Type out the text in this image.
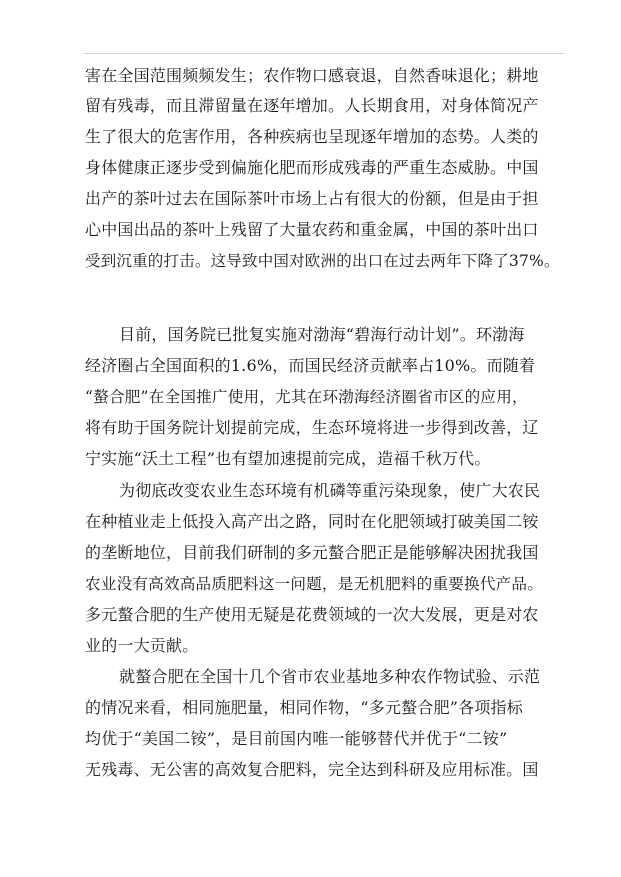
害在全国范围频频发生；农作物口感衰退，自然香味退化；耕地
留有残毒，而且滞留量在逐年增加。人长期食用，对身体简况产
生了很大的危害作用，各种疾病也呈现逐年增加的态势。人类的
身体健康正逐步受到偏施化肥而形成残毒的严重生态威胁。中国
出产的茶叶过去在国际茶叶市场上占有很大的份额，但是由于担
心中国出品的茶叶上残留了大量农药和重金属，中国的茶叶出口
受到沉重的打击。这导致中国对欧洲的出口在过去两年下降了37%。
目前，国务院已批复实施对渤海“碧海行动计划”。环渤海
经济圈占全国面积的1.6%，而国民经济贡献率占10%。而随着
“螯合肥”在全国推广使用，尤其在环渤海经济圈省市区的应用，
将有助于国务院计划提前完成，生态环境将进一步得到改善，辽
宁实施“沃土工程”也有望加速提前完成，造福千秋万代。
为彻底改变农业生态环境有机磷等重污染现象，使广大农民
在种植业走上低投入高产出之路，同时在化肥领域打破美国二铵
的垄断地位，目前我们研制的多元螯合肥正是能够解决困扰我国
农业没有高效高品质肥料这一问题，是无机肥料的重要换代产品。
多元螯合肥的生产使用无疑是花费领域的一次大发展，更是对农
业的一大贡献。
就螯合肥在全国十几个省市农业基地多种农作物试验、示范
的情况来看，相同施肥量，相同作物，“多元螯合肥”各项指标
均优于“美国二铵”，是目前国内唯一能够替代并优于“二铵”
无残毒、无公害的高效复合肥料，完全达到科研及应用标准。国
